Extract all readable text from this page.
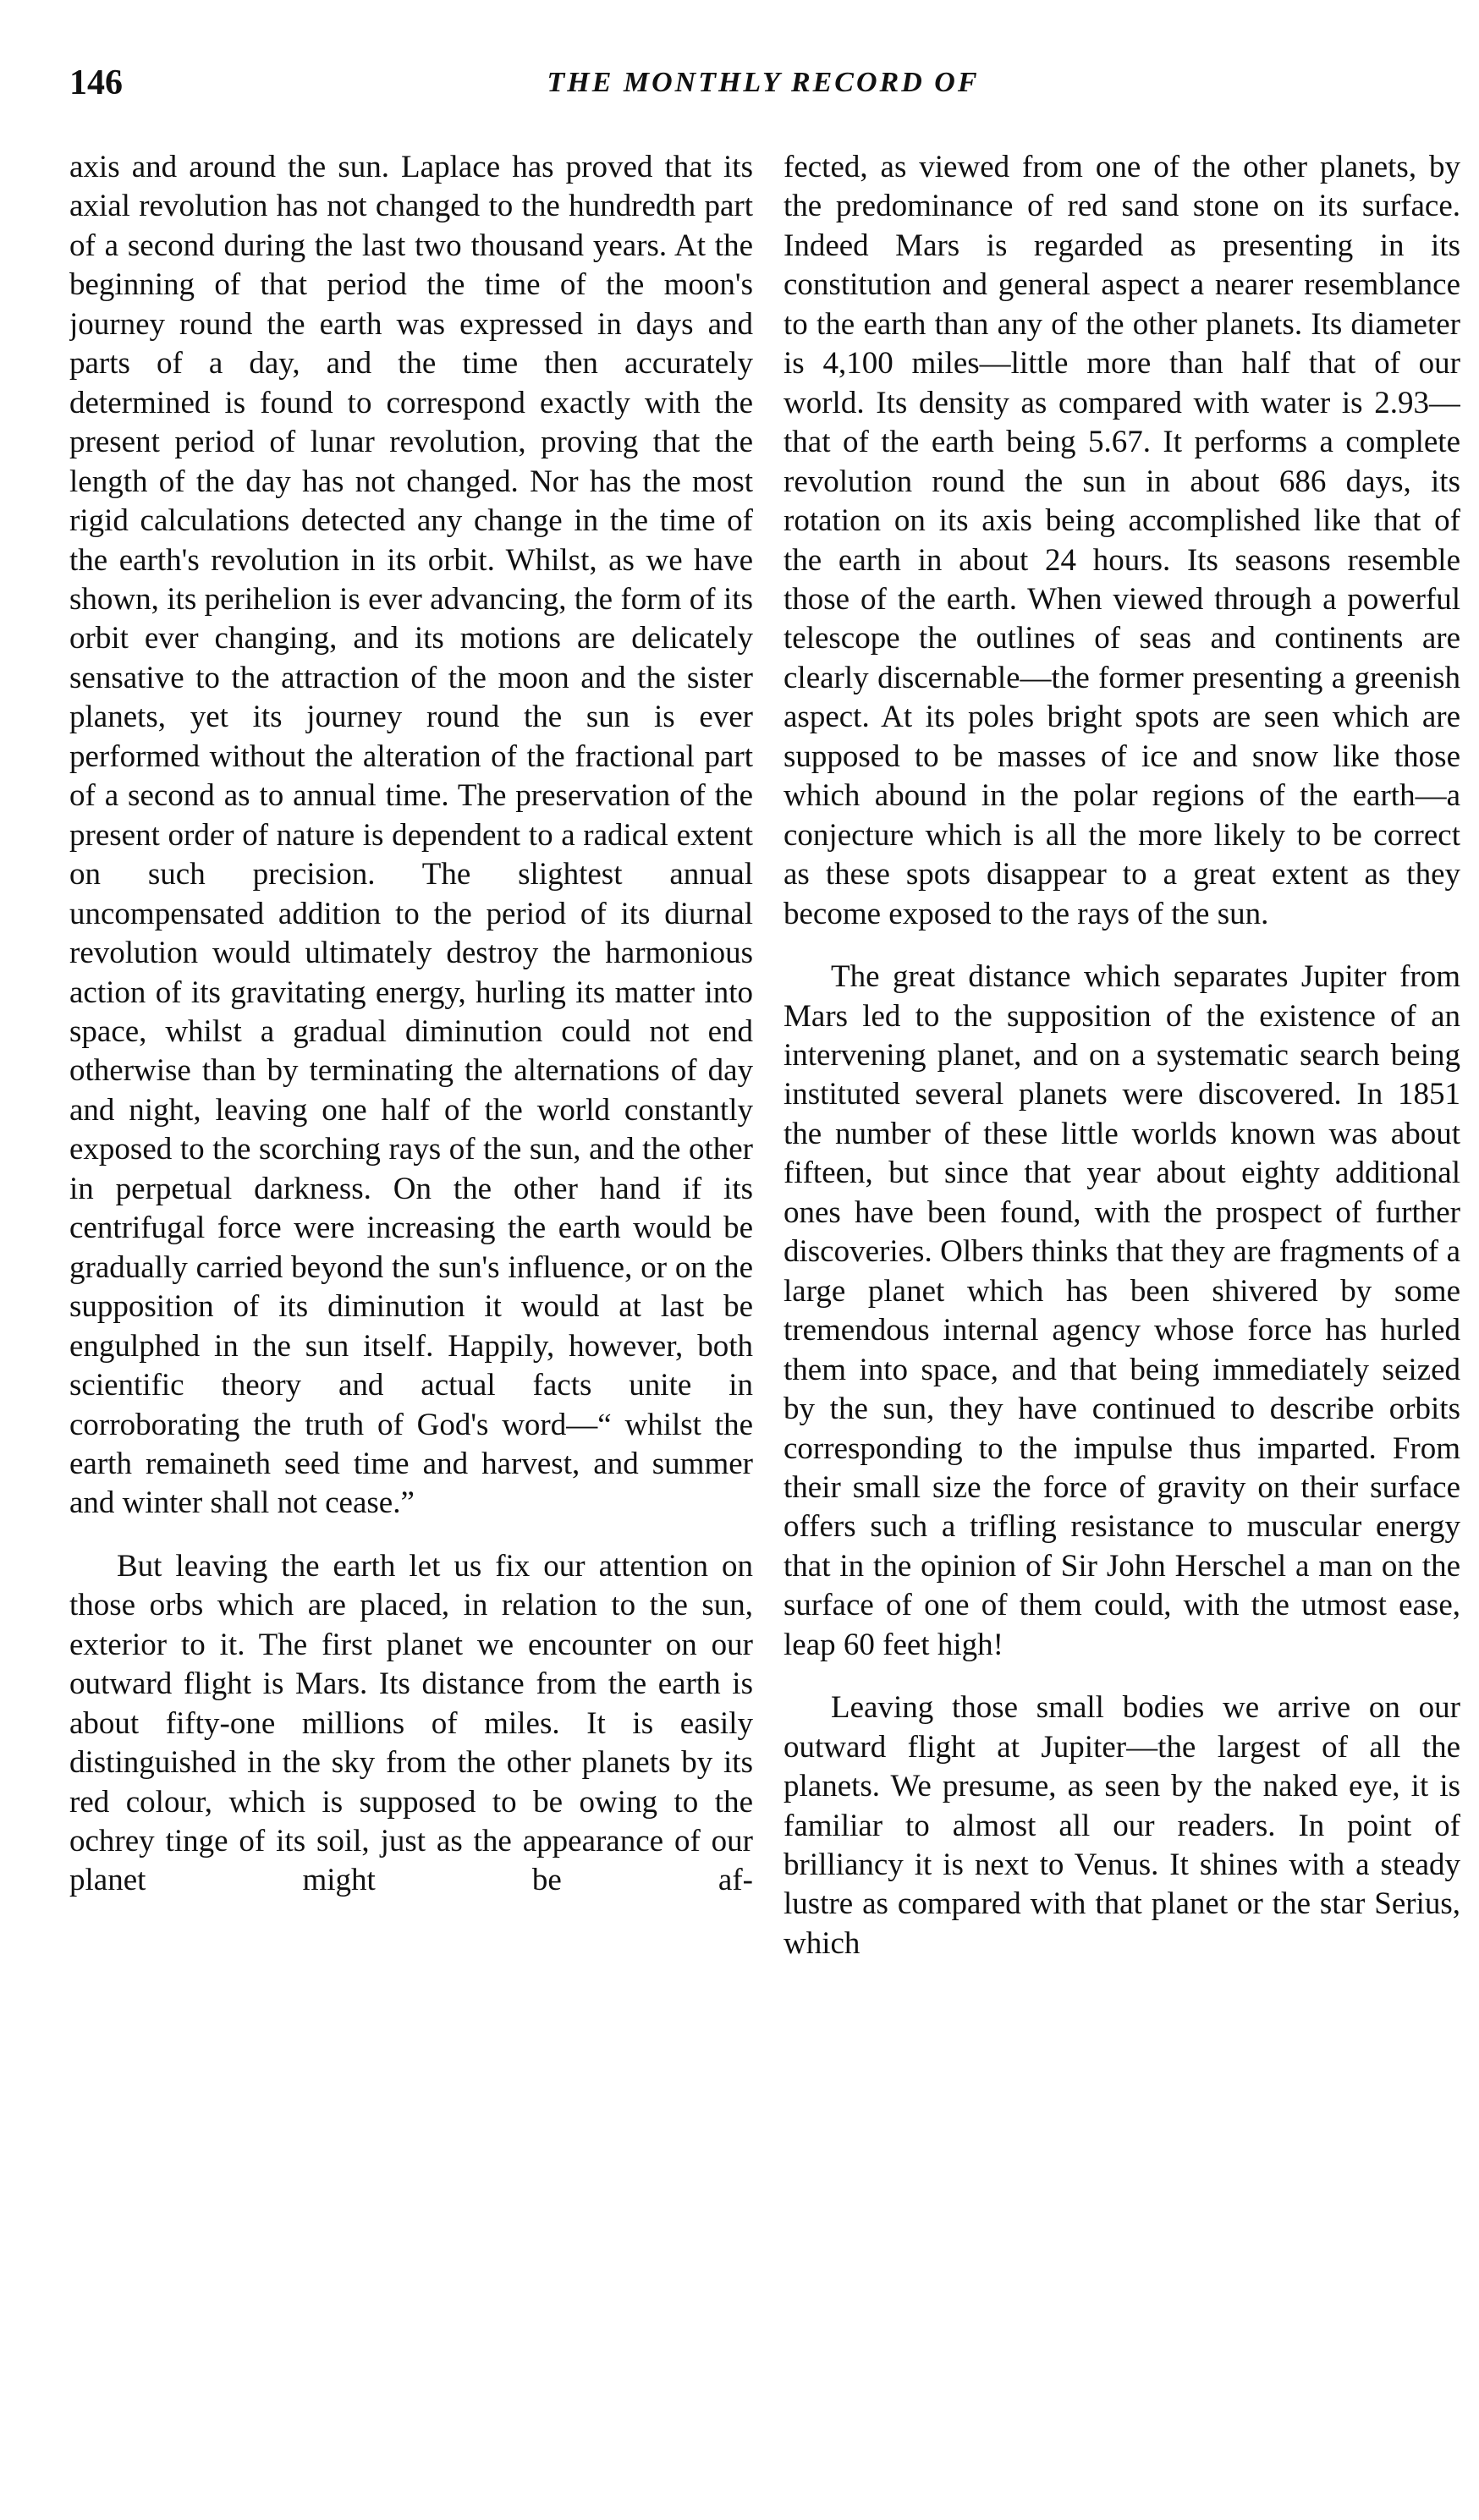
146	THE MONTHLY RECORD OF

axis and around the sun. Laplace has proved that its axial revolution has not changed to the hundredth part of a second during the last two thousand years. At the beginning of that period the time of the moon's journey round the earth was expressed in days and parts of a day, and the time then accurately determined is found to correspond exactly with the present period of lunar revolution, proving that the length of the day has not changed. Nor has the most rigid calculations detected any change in the time of the earth's revolution in its orbit. Whilst, as we have shown, its perihelion is ever advancing, the form of its orbit ever changing, and its motions are delicately sensative to the attraction of the moon and the sister planets, yet its journey round the sun is ever performed without the alteration of the fractional part of a second as to annual time. The preservation of the present order of nature is dependent to a radical extent on such precision. The slightest annual uncompensated addition to the period of its diurnal revolution would ultimately destroy the harmonious action of its gravitating energy, hurling its matter into space, whilst a gradual diminution could not end otherwise than by terminating the alternations of day and night, leaving one half of the world constantly exposed to the scorching rays of the sun, and the other in perpetual darkness. On the other hand if its centrifugal force were increasing the earth would be gradually carried beyond the sun's influence, or on the supposition of its diminution it would at last be engulphed in the sun itself. Happily, however, both scientific theory and actual facts unite in corroborating the truth of God's word—“ whilst the earth remaineth seed time and harvest, and summer and winter shall not cease.”

But leaving the earth let us fix our attention on those orbs which are placed, in relation to the sun, exterior to it. The first planet we encounter on our outward flight is Mars. Its distance from the earth is about fifty-one millions of miles. It is easily distinguished in the sky from the other planets by its red colour, which is supposed to be owing to the ochrey tinge of its soil, just as the appearance of our planet might be af-

fected, as viewed from one of the other planets, by the predominance of red sand stone on its surface. Indeed Mars is regarded as presenting in its constitution and general aspect a nearer resemblance to the earth than any of the other planets. Its diameter is 4,100 miles—little more than half that of our world. Its density as compared with water is 2.93—that of the earth being 5.67. It performs a complete revolution round the sun in about 686 days, its rotation on its axis being accomplished like that of the earth in about 24 hours. Its seasons resemble those of the earth. When viewed through a powerful telescope the outlines of seas and continents are clearly discernable—the former presenting a greenish aspect. At its poles bright spots are seen which are supposed to be masses of ice and snow like those which abound in the polar regions of the earth—a conjecture which is all the more likely to be correct as these spots disappear to a great extent as they become exposed to the rays of the sun.

The great distance which separates Jupiter from Mars led to the supposition of the existence of an intervening planet, and on a systematic search being instituted several planets were discovered. In 1851 the number of these little worlds known was about fifteen, but since that year about eighty additional ones have been found, with the prospect of further discoveries. Olbers thinks that they are fragments of a large planet which has been shivered by some tremendous internal agency whose force has hurled them into space, and that being immediately seized by the sun, they have continued to describe orbits corresponding to the impulse thus imparted. From their small size the force of gravity on their surface offers such a trifling resistance to muscular energy that in the opinion of Sir John Herschel a man on the surface of one of them could, with the utmost ease, leap 60 feet high!

Leaving those small bodies we arrive on our outward flight at Jupiter—the largest of all the planets. We presume, as seen by the naked eye, it is familiar to almost all our readers. In point of brilliancy it is next to Venus. It shines with a steady lustre as compared with that planet or the star Serius, which
